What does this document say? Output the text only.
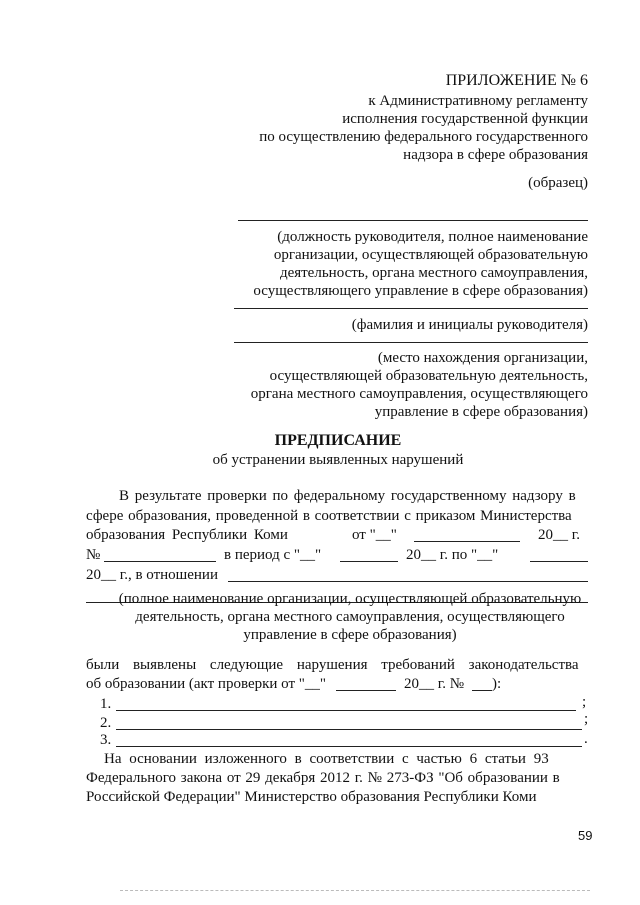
ПРИЛОЖЕНИЕ № 6
к Административному регламенту
исполнения государственной функции
по осуществлению федерального государственного
надзора в сфере образования
(образец)
(должность руководителя, полное наименование
организации, осуществляющей образовательную
деятельность, органа местного самоуправления,
осуществляющего управление в сфере образования)
(фамилия и инициалы руководителя)
(место нахождения организации,
осуществляющей образовательную деятельность,
органа местного самоуправления, осуществляющего
управление в сфере образования)
ПРЕДПИСАНИЕ
об устранении выявленных нарушений
В результате проверки по федеральному государственному надзору в
сфере образования, проведенной в соответствии с приказом Министерства
образования Республики Коми	от "__"	20__ г.
№	в период с "__"	20__ г. по "__"
20__ г., в отношении
(полное наименование организации, осуществляющей образовательную
деятельность, органа местного самоуправления, осуществляющего
управление в сфере образования)
были выявлены следующие нарушения требований законодательства
об образовании (акт проверки от "__"	20__ г. № ):
1.	;
2.	;
3.	.
На основании изложенного в соответствии с частью 6 статьи 93
Федерального закона от 29 декабря 2012 г. № 273-ФЗ "Об образовании в
Российской Федерации" Министерство образования Республики Коми
59
